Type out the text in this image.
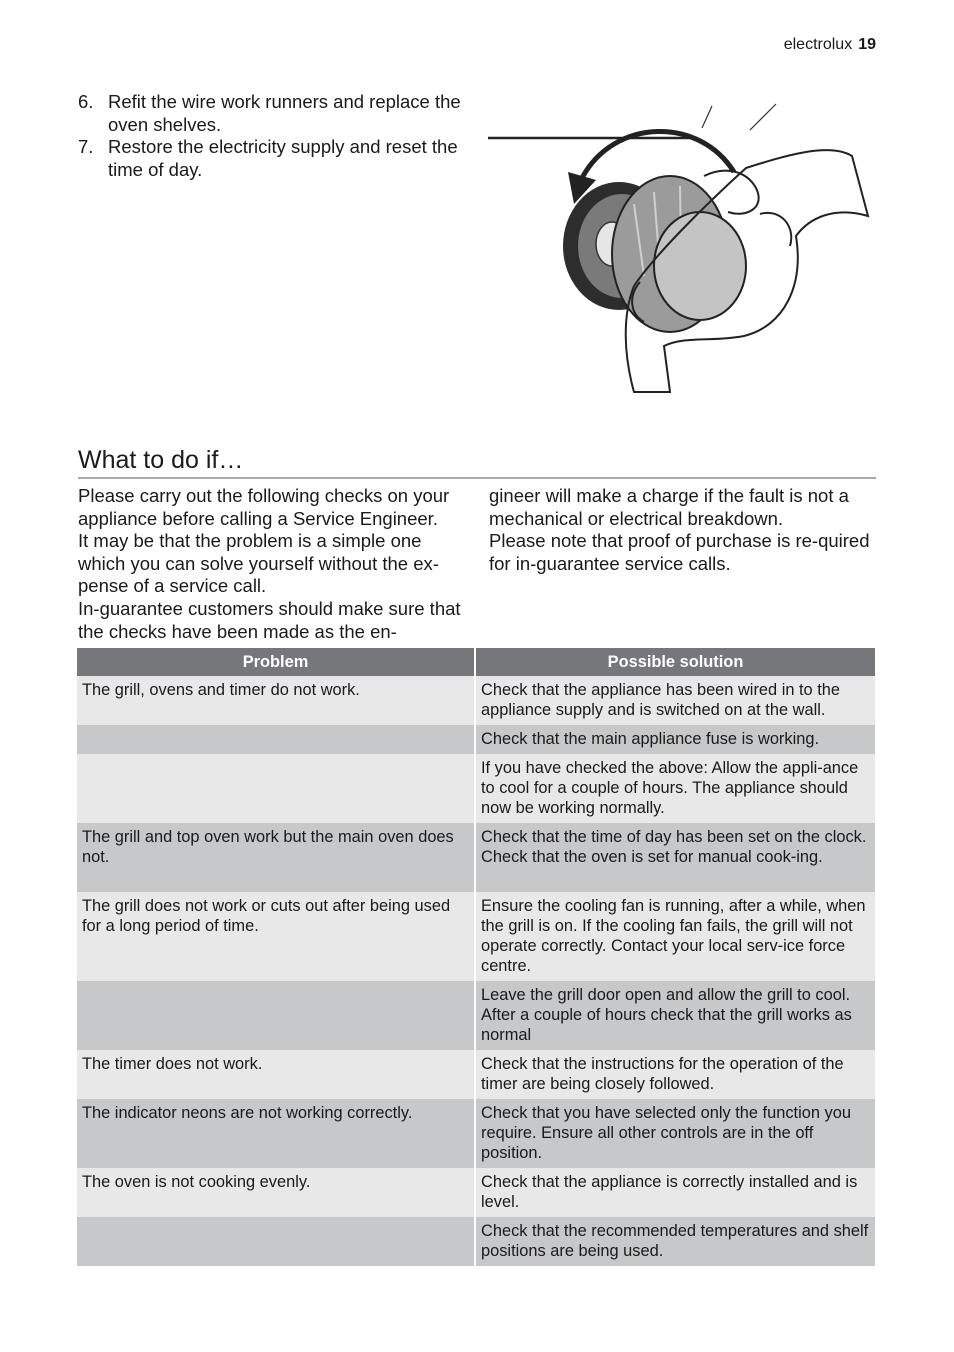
electrolux 19
6. Refit the wire work runners and replace the oven shelves.
7. Restore the electricity supply and reset the time of day.
What to do if…

Please carry out the following checks on your appliance before calling a Service Engineer.

It may be that the problem is a simple one which you can solve yourself without the ex-pense of a service call.

In-guarantee customers should make sure that the checks have been made as the en-

gineer will make a charge if the fault is not a mechanical or electrical breakdown.

Please note that proof of purchase is re-quired for in-guarantee service calls.

Problem	Possible solution
The grill, ovens and timer do not work.	Check that the appliance has been wired in to the appliance supply and is switched on at the wall.
	Check that the main appliance fuse is working.
	If you have checked the above: Allow the appli-ance to cool for a couple of hours. The appliance should now be working normally.
The grill and top oven work but the main oven does not.	Check that the time of day has been set on the clock. Check that the oven is set for manual cook-ing.
The grill does not work or cuts out after being used for a long period of time.	Ensure the cooling fan is running, after a while, when the grill is on. If the cooling fan fails, the grill will not operate correctly. Contact your local serv-ice force centre.
	Leave the grill door open and allow the grill to cool. After a couple of hours check that the grill works as normal
The timer does not work.	Check that the instructions for the operation of the timer are being closely followed.
The indicator neons are not working correctly.	Check that you have selected only the function you require. Ensure all other controls are in the off position.
The oven is not cooking evenly.	Check that the appliance is correctly installed and is level.
	Check that the recommended temperatures and shelf positions are being used.
